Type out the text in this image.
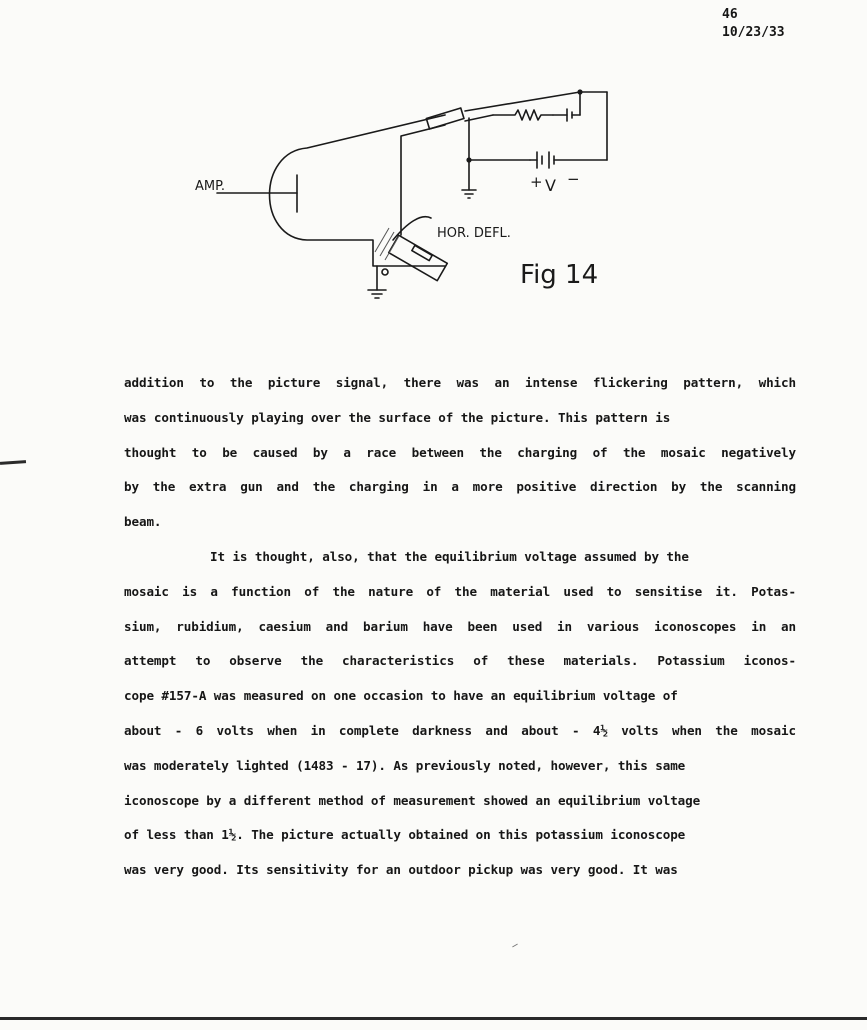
46
10/23/33
AMP.
HOR. DEFL.
+ V −
Fig 14
addition to the picture signal, there was an intense flickering pattern, which
was continuously playing over the surface of the picture. This pattern is
thought to be caused by a race between the charging of the mosaic negatively
by the extra gun and the charging in a more positive direction by the scanning
beam.
It is thought, also, that the equilibrium voltage assumed by the
mosaic is a function of the nature of the material used to sensitise it. Potas-
sium, rubidium, caesium and barium have been used in various iconoscopes in an
attempt to observe the characteristics of these materials. Potassium iconos-
cope #157-A was measured on one occasion to have an equilibrium voltage of
about - 6 volts when in complete darkness and about - 4½ volts when the mosaic
was moderately lighted (1483 - 17). As previously noted, however, this same
iconoscope by a different method of measurement showed an equilibrium voltage
of less than 1½. The picture actually obtained on this potassium iconoscope
was very good. Its sensitivity for an outdoor pickup was very good. It was
